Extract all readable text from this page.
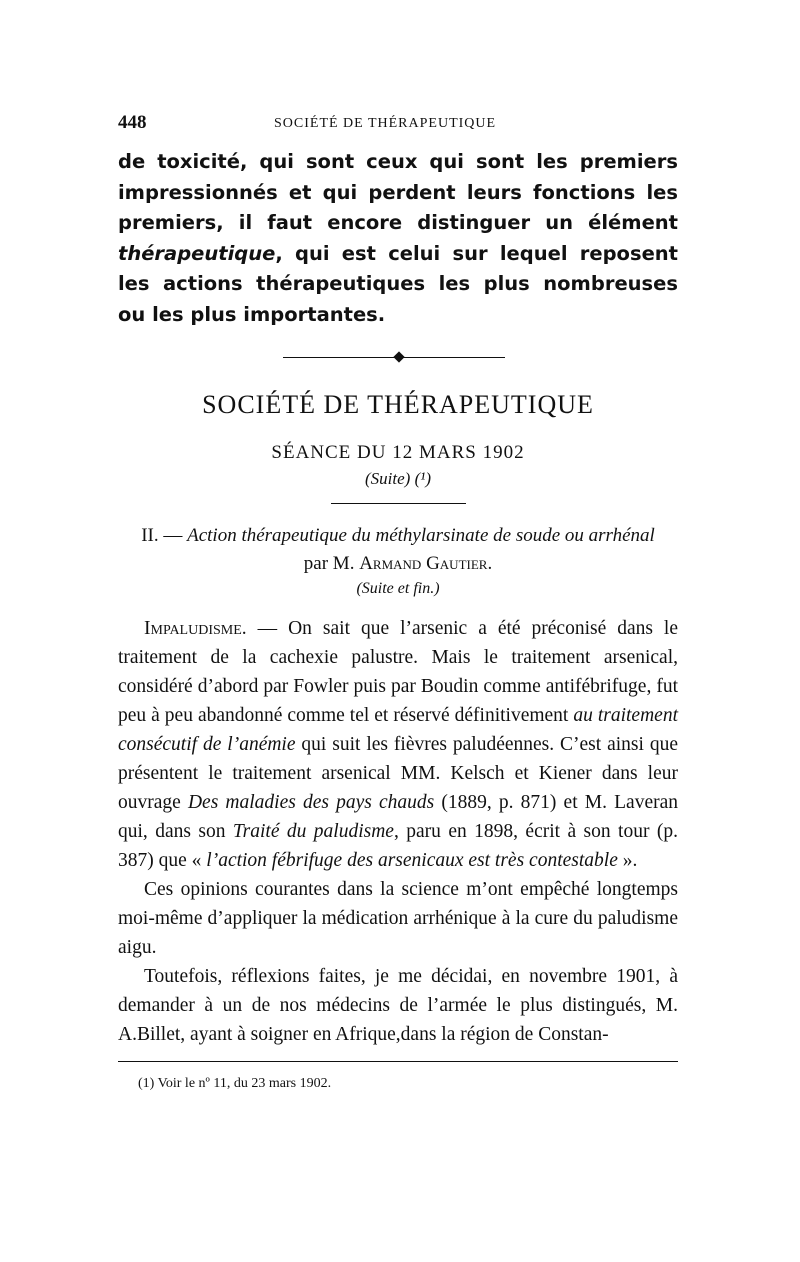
448	SOCIÉTÉ DE THÉRAPEUTIQUE

de toxicité, qui sont ceux qui sont les premiers impressionnés et qui perdent leurs fonctions les premiers, il faut encore distinguer un élément thérapeutique, qui est celui sur lequel reposent les actions thérapeutiques les plus nombreuses ou les plus importantes.

SOCIÉTÉ DE THÉRAPEUTIQUE
SÉANCE DU 12 MARS 1902
(Suite) (¹)
II. — Action thérapeutique du méthylarsinate de soude ou arrhénal
par M. Armand Gautier.
(Suite et fin.)

Impaludisme. — On sait que l’arsenic a été préconisé dans le traitement de la cachexie palustre. Mais le traitement arsenical, considéré d’abord par Fowler puis par Boudin comme antifébrifuge, fut peu à peu abandonné comme tel et réservé définitivement au traitement consécutif de l’anémie qui suit les fièvres paludéennes. C’est ainsi que présentent le traitement arsenical MM. Kelsch et Kiener dans leur ouvrage Des maladies des pays chauds (1889, p. 871) et M. Laveran qui, dans son Traité du paludisme, paru en 1898, écrit à son tour (p. 387) que « l’action fébrifuge des arsenicaux est très contestable ».

Ces opinions courantes dans la science m’ont empêché longtemps moi-même d’appliquer la médication arrhénique à la cure du paludisme aigu.

Toutefois, réflexions faites, je me décidai, en novembre 1901, à demander à un de nos médecins de l’armée le plus distingués, M. A.Billet, ayant à soigner en Afrique,dans la région de Constan-

(1) Voir le nº 11, du 23 mars 1902.
